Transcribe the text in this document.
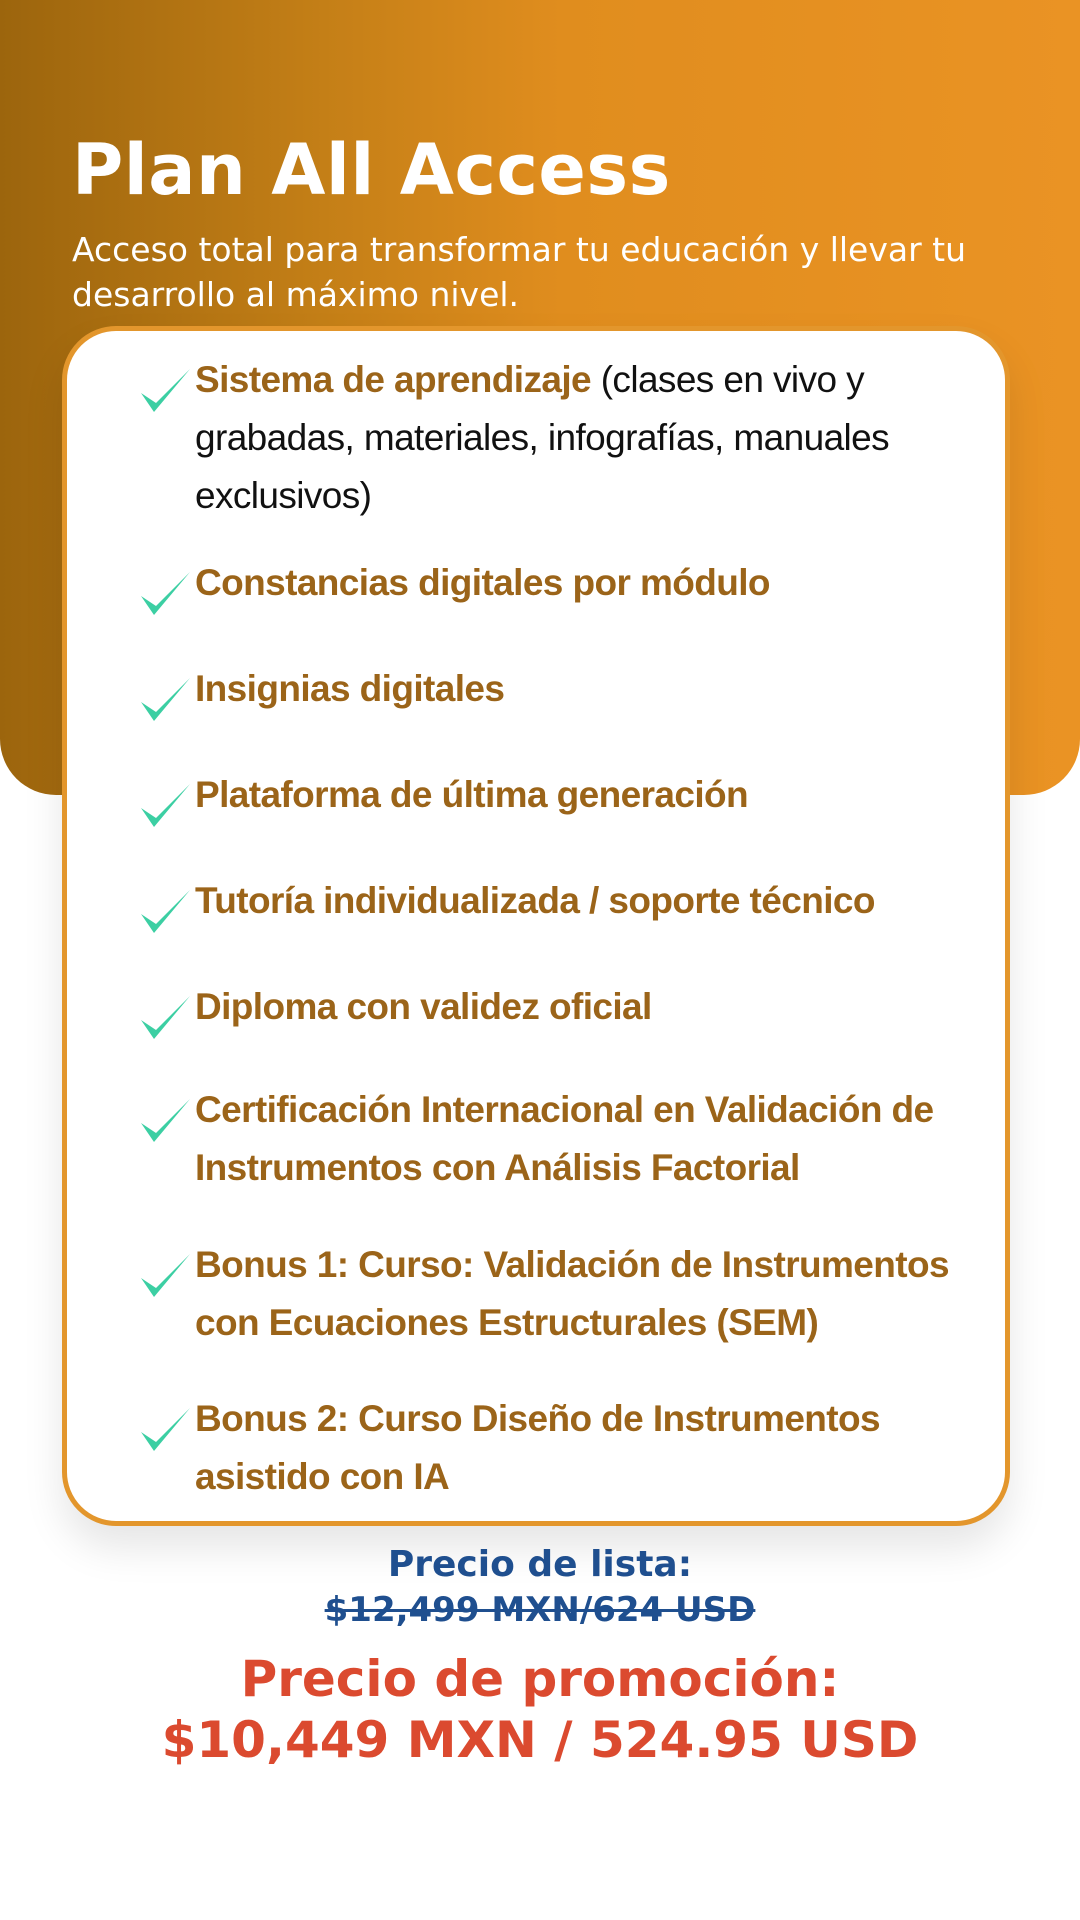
Plan All Access

Acceso total para transformar tu educación y llevar tu desarrollo al máximo nivel.

Sistema de aprendizaje (clases en vivo y grabadas, materiales, infografías, manuales exclusivos)
Constancias digitales por módulo
Insignias digitales
Plataforma de última generación
Tutoría individualizada / soporte técnico
Diploma con validez oficial
Certificación Internacional en Validación de Instrumentos con Análisis Factorial
Bonus 1: Curso: Validación de Instrumentos con Ecuaciones Estructurales (SEM)
Bonus 2: Curso Diseño de Instrumentos asistido con IA
Precio de lista:
$12,499 MXN/624 USD
Precio de promoción:
$10,449 MXN / 524.95 USD
